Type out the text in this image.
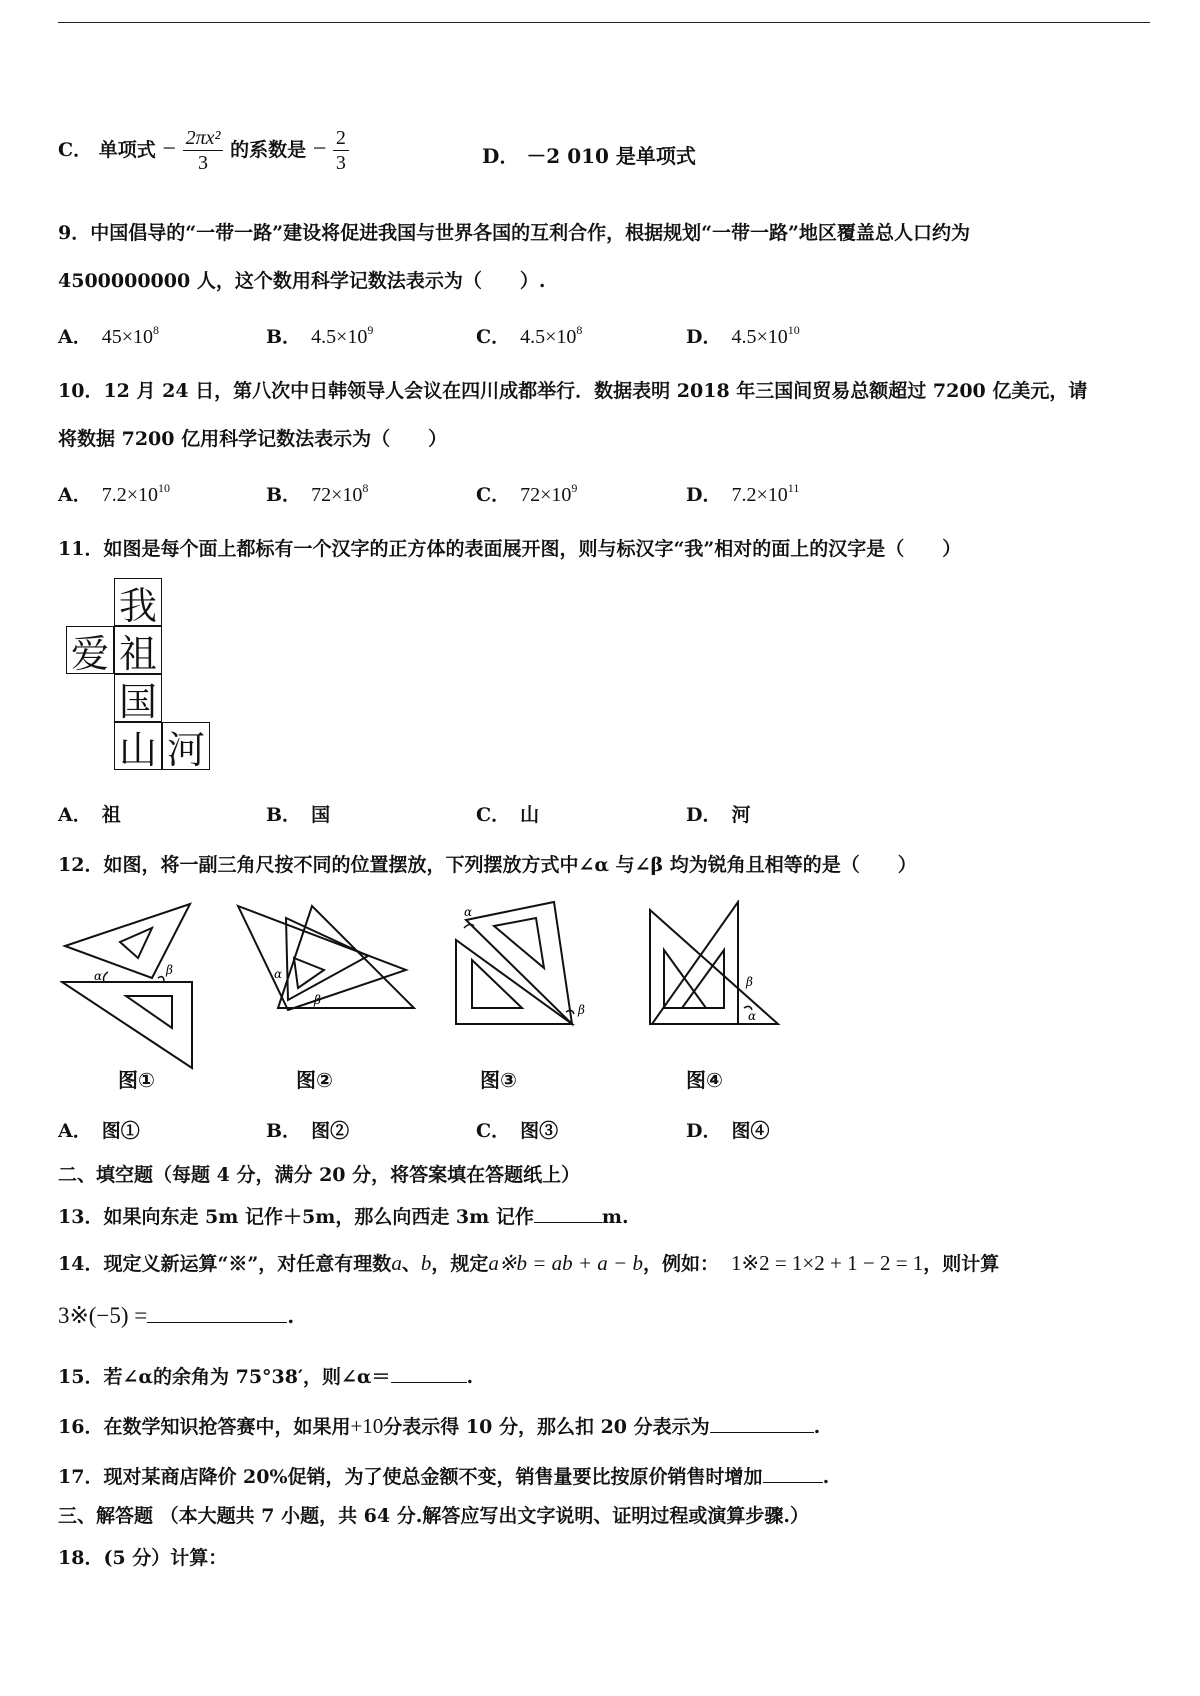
C． 单项式 − $\frac{\text{2πx²}}{3}$ 的系数是 − $\frac{2}{3}$	D． －2 010 是单项式
9．中国倡导的“一带一路”建设将促进我国与世界各国的互利合作，根据规划“一带一路”地区覆盖总人口约为
4500000000 人，这个数用科学记数法表示为（　　）.
A． $45\times 10^8$	B． $4.5\times 10^9$	C． $4.5\times 10^8$	D． $4.5\times 10^{10}$
10．12 月 24 日，第八次中日韩领导人会议在四川成都举行．数据表明 2018 年三国间贸易总额超过 7200 亿美元，请
将数据 7200 亿用科学记数法表示为（　　）
A． $7.2\times 10^{10}$	B． $72\times 10^8$	C． $72\times 10^9$	D． $7.2\times 10^{11}$
11．如图是每个面上都标有一个汉字的正方体的表面展开图，则与标汉字“我”相对的面上的汉字是（　　）
我
爱 祖
国
山 河
A． 祖	B． 国	C． 山	D． 河
12．如图，将一副三角尺按不同的位置摆放，下列摆放方式中∠α 与∠β 均为锐角且相等的是（　　）
α	β	α
β
α
β
β
α
图①	图②	图③	图④
A． 图①	B． 图②	C． 图③	D． 图④
二、填空题（每题 4 分，满分 20 分，将答案填在答题纸上）
13．如果向东走 5m 记作＋5m，那么向西走 3m 记作	m.
14．现定义新运算“※”，对任意有理数a、b，规定a※b = ab + a − b，例如： 1※2 = 1×2 + 1 − 2 = 1，则计算
3※(−5) =	.
15．若∠α的余角为 75°38′，则∠α＝	.
16．在数学知识抢答赛中，如果用+10分表示得 10 分，那么扣 20 分表示为	.
17．现对某商店降价 20%促销，为了使总金额不变，销售量要比按原价销售时增加	.
三、解答题 （本大题共 7 小题，共 64 分.解答应写出文字说明、证明过程或演算步骤.）
18．(5 分）计算：
